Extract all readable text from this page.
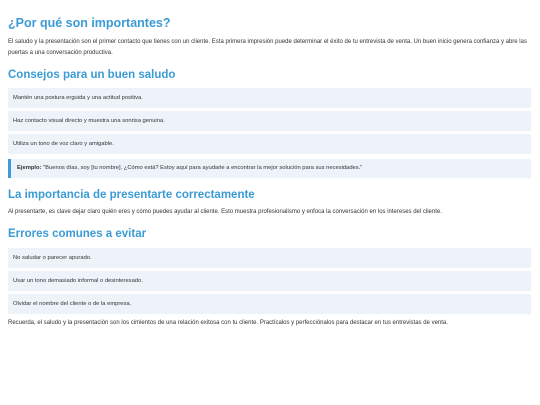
¿Por qué son importantes?

El saludo y la presentación son el primer contacto que tienes con un cliente. Esta primera impresión puede determinar el éxito de tu entrevista de venta. Un buen inicio genera confianza y abre las puertas a una conversación productiva.

Consejos para un buen saludo
Mantén una postura erguida y una actitud positiva.
Haz contacto visual directo y muestra una sonrisa genuina.
Utiliza un tono de voz claro y amigable.
Ejemplo: "Buenos días, soy [tu nombre]. ¿Cómo está? Estoy aquí para ayudarle a encontrar la mejor solución para sus necesidades."
La importancia de presentarte correctamente

Al presentarte, es clave dejar claro quién eres y cómo puedes ayudar al cliente. Esto muestra profesionalismo y enfoca la conversación en los intereses del cliente.

Errores comunes a evitar
No saludar o parecer apurado.
Usar un tono demasiado informal o desinteresado.
Olvidar el nombre del cliente o de la empresa.

Recuerda, el saludo y la presentación son los cimientos de una relación exitosa con tu cliente. Practícalos y perfecciónalos para destacar en tus entrevistas de venta.
